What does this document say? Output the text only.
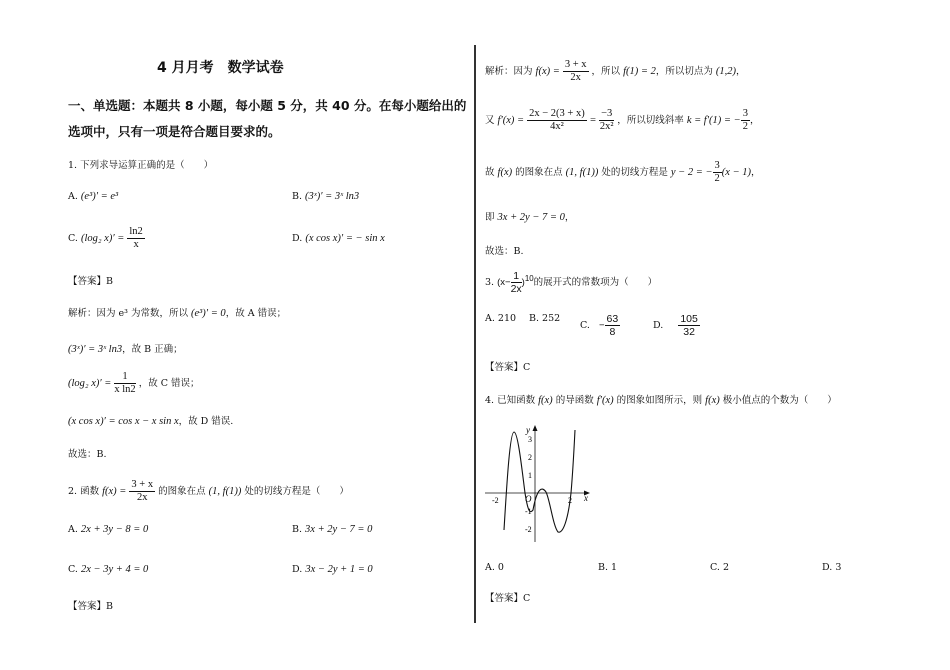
4 月月考　数学试卷
一、单选题：本题共 8 小题，每小题 5 分，共 40 分。在每小题给出的
选项中，只有一项是符合题目要求的。
1. 下列求导运算正确的是（　　）
A. (e³)′ = e³	B. (3ˣ)′ = 3ˣ ln3
C. (log₂ $x)' = \frac{\ln 2}{x}$	D. (x cos x)′ = − sin x
【答案】B
解析：因为 e³ 为常数，所以 (e³)′ = 0，故 A 错误；
(3ˣ)′ = 3ˣ ln3，故 B 正确；
(log₂ $x)' = \frac{1}{\text{x ln2}}$ ，故 C 错误；
(x cos x)′ = cos x − x sin x，故 D 错误.
故选：B.
2. 函数 $f(x) = \frac{3 + x}{2x}$ 的图象在点 (1, f(1)) 处的切线方程是（　　）
A. 2x + 3y − 8 = 0	B. 3x + 2y − 7 = 0
C. 2x − 3y + 4 = 0	D. 3x − 2y + 1 = 0
【答案】B
解析：因为 $f(x) = \frac{3 + x}{2x}$ ，所以 f(1) = 2，所以切点为 (1,2)，
又 $f'(x) = \frac{2x - 2(3 + x)}{\text{4x²}} = \frac{-3}{\text{2x²}}$ ，所以切线斜率 k = f′(1) = − $\frac{3}{2}$ ，
故 f(x) 的图象在点 (1, f(1)) 处的切线方程是 y − 2 = − $\frac{3}{2} (x - 1)$，
即 3x + 2y − 7 = 0，
故选：B.
3. $(x- \frac{1}{2x} )^{10}$的展开式的常数项为（　　）
A. 210 B. 252
C. − $\frac{63}{8}$	D. $\frac{105}{32}$
【答案】C
4. 已知函数 f(x) 的导函数 f′(x) 的图象如图所示，则 f(x) 极小值点的个数为（　　）
x
y
O
3
2
1
-1
-2
-2	2
A. 0	B. 1	C. 2	D. 3
【答案】C
